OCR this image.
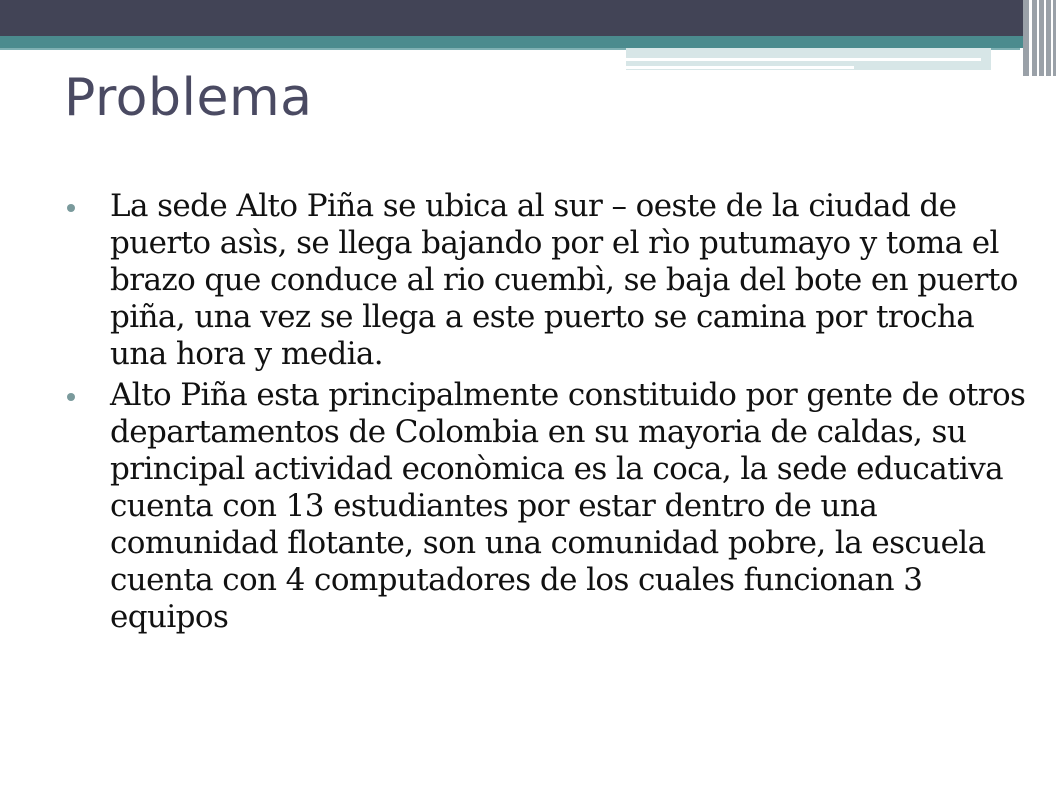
Problema
La sede Alto Piña se ubica al sur – oeste de la ciudad de puerto asìs, se llega bajando por el rìo putumayo y toma el brazo que conduce al rio cuembì, se baja del bote en puerto piña, una vez se llega a este puerto se camina por trocha una hora y media.
Alto Piña esta principalmente constituido por gente de otros departamentos de Colombia en su mayoria de caldas, su principal actividad econòmica es la coca, la sede educativa cuenta con 13 estudiantes por estar dentro de una comunidad flotante, son una comunidad pobre, la escuela cuenta con 4 computadores de los cuales funcionan 3 equipos
